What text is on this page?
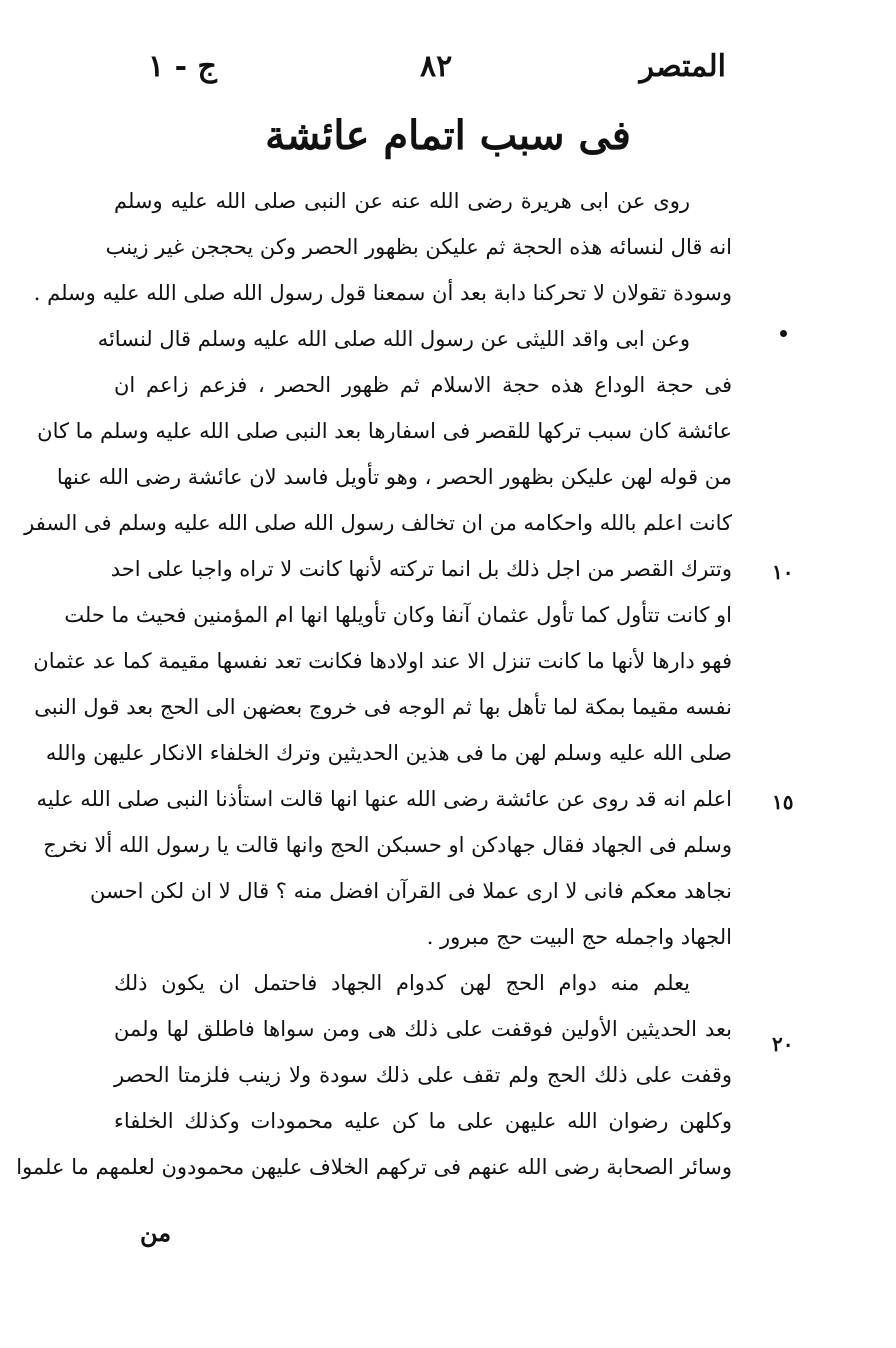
المتصر
٨٢
ج - ١
فى سبب اتمام عائشة
روى عن ابى هريرة رضى الله عنه عن النبى صلى الله عليه وسلم
انه قال لنسائه هذه الحجة ثم عليكن بظهور الحصر وكن يحججن غير زينب
وسودة تقولان لا تحركنا دابة بعد أن سمعنا قول رسول الله صلى الله عليه وسلم .
وعن ابى واقد الليثى عن رسول الله صلى الله عليه وسلم قال لنسائه
فى حجة الوداع هذه حجة الاسلام ثم ظهور الحصر ، فزعم زاعم ان
عائشة كان سبب تركها للقصر فى اسفارها بعد النبى صلى الله عليه وسلم ما كان
من قوله لهن عليكن بظهور الحصر ، وهو تأويل فاسد لان عائشة رضى الله عنها
كانت اعلم بالله واحكامه من ان تخالف رسول الله صلى الله عليه وسلم فى السفر
وتترك القصر من اجل ذلك بل انما تركته لأنها كانت لا تراه واجبا على احد
او كانت تتأول كما تأول عثمان آنفا وكان تأويلها انها ام المؤمنين فحيث ما حلت
فهو دارها لأنها ما كانت تنزل الا عند اولادها فكانت تعد نفسها مقيمة كما عد عثمان
نفسه مقيما بمكة لما تأهل بها ثم الوجه فى خروج بعضهن الى الحج بعد قول النبى
صلى الله عليه وسلم لهن ما فى هذين الحديثين وترك الخلفاء الانكار عليهن والله
اعلم انه قد روى عن عائشة رضى الله عنها انها قالت استأذنا النبى صلى الله عليه
وسلم فى الجهاد فقال جهادكن او حسبكن الحج وانها قالت يا رسول الله ألا نخرج
نجاهد معكم فانى لا ارى عملا فى القرآن افضل منه ؟ قال لا ان لكن احسن
الجهاد واجمله حج البيت حج مبرور .
يعلم منه دوام الحج لهن كدوام الجهاد فاحتمل ان يكون ذلك
بعد الحديثين الأولين فوقفت على ذلك هى ومن سواها فاطلق لها ولمن
وقفت على ذلك الحج ولم تقف على ذلك سودة ولا زينب فلزمتا الحصر
وكلهن رضوان الله عليهن على ما كن عليه محمودات وكذلك الخلفاء
وسائر الصحابة رضى الله عنهم فى تركهم الخلاف عليهن محمودون لعلمهم ما علموا
١٠
١٥
٢٠
من
